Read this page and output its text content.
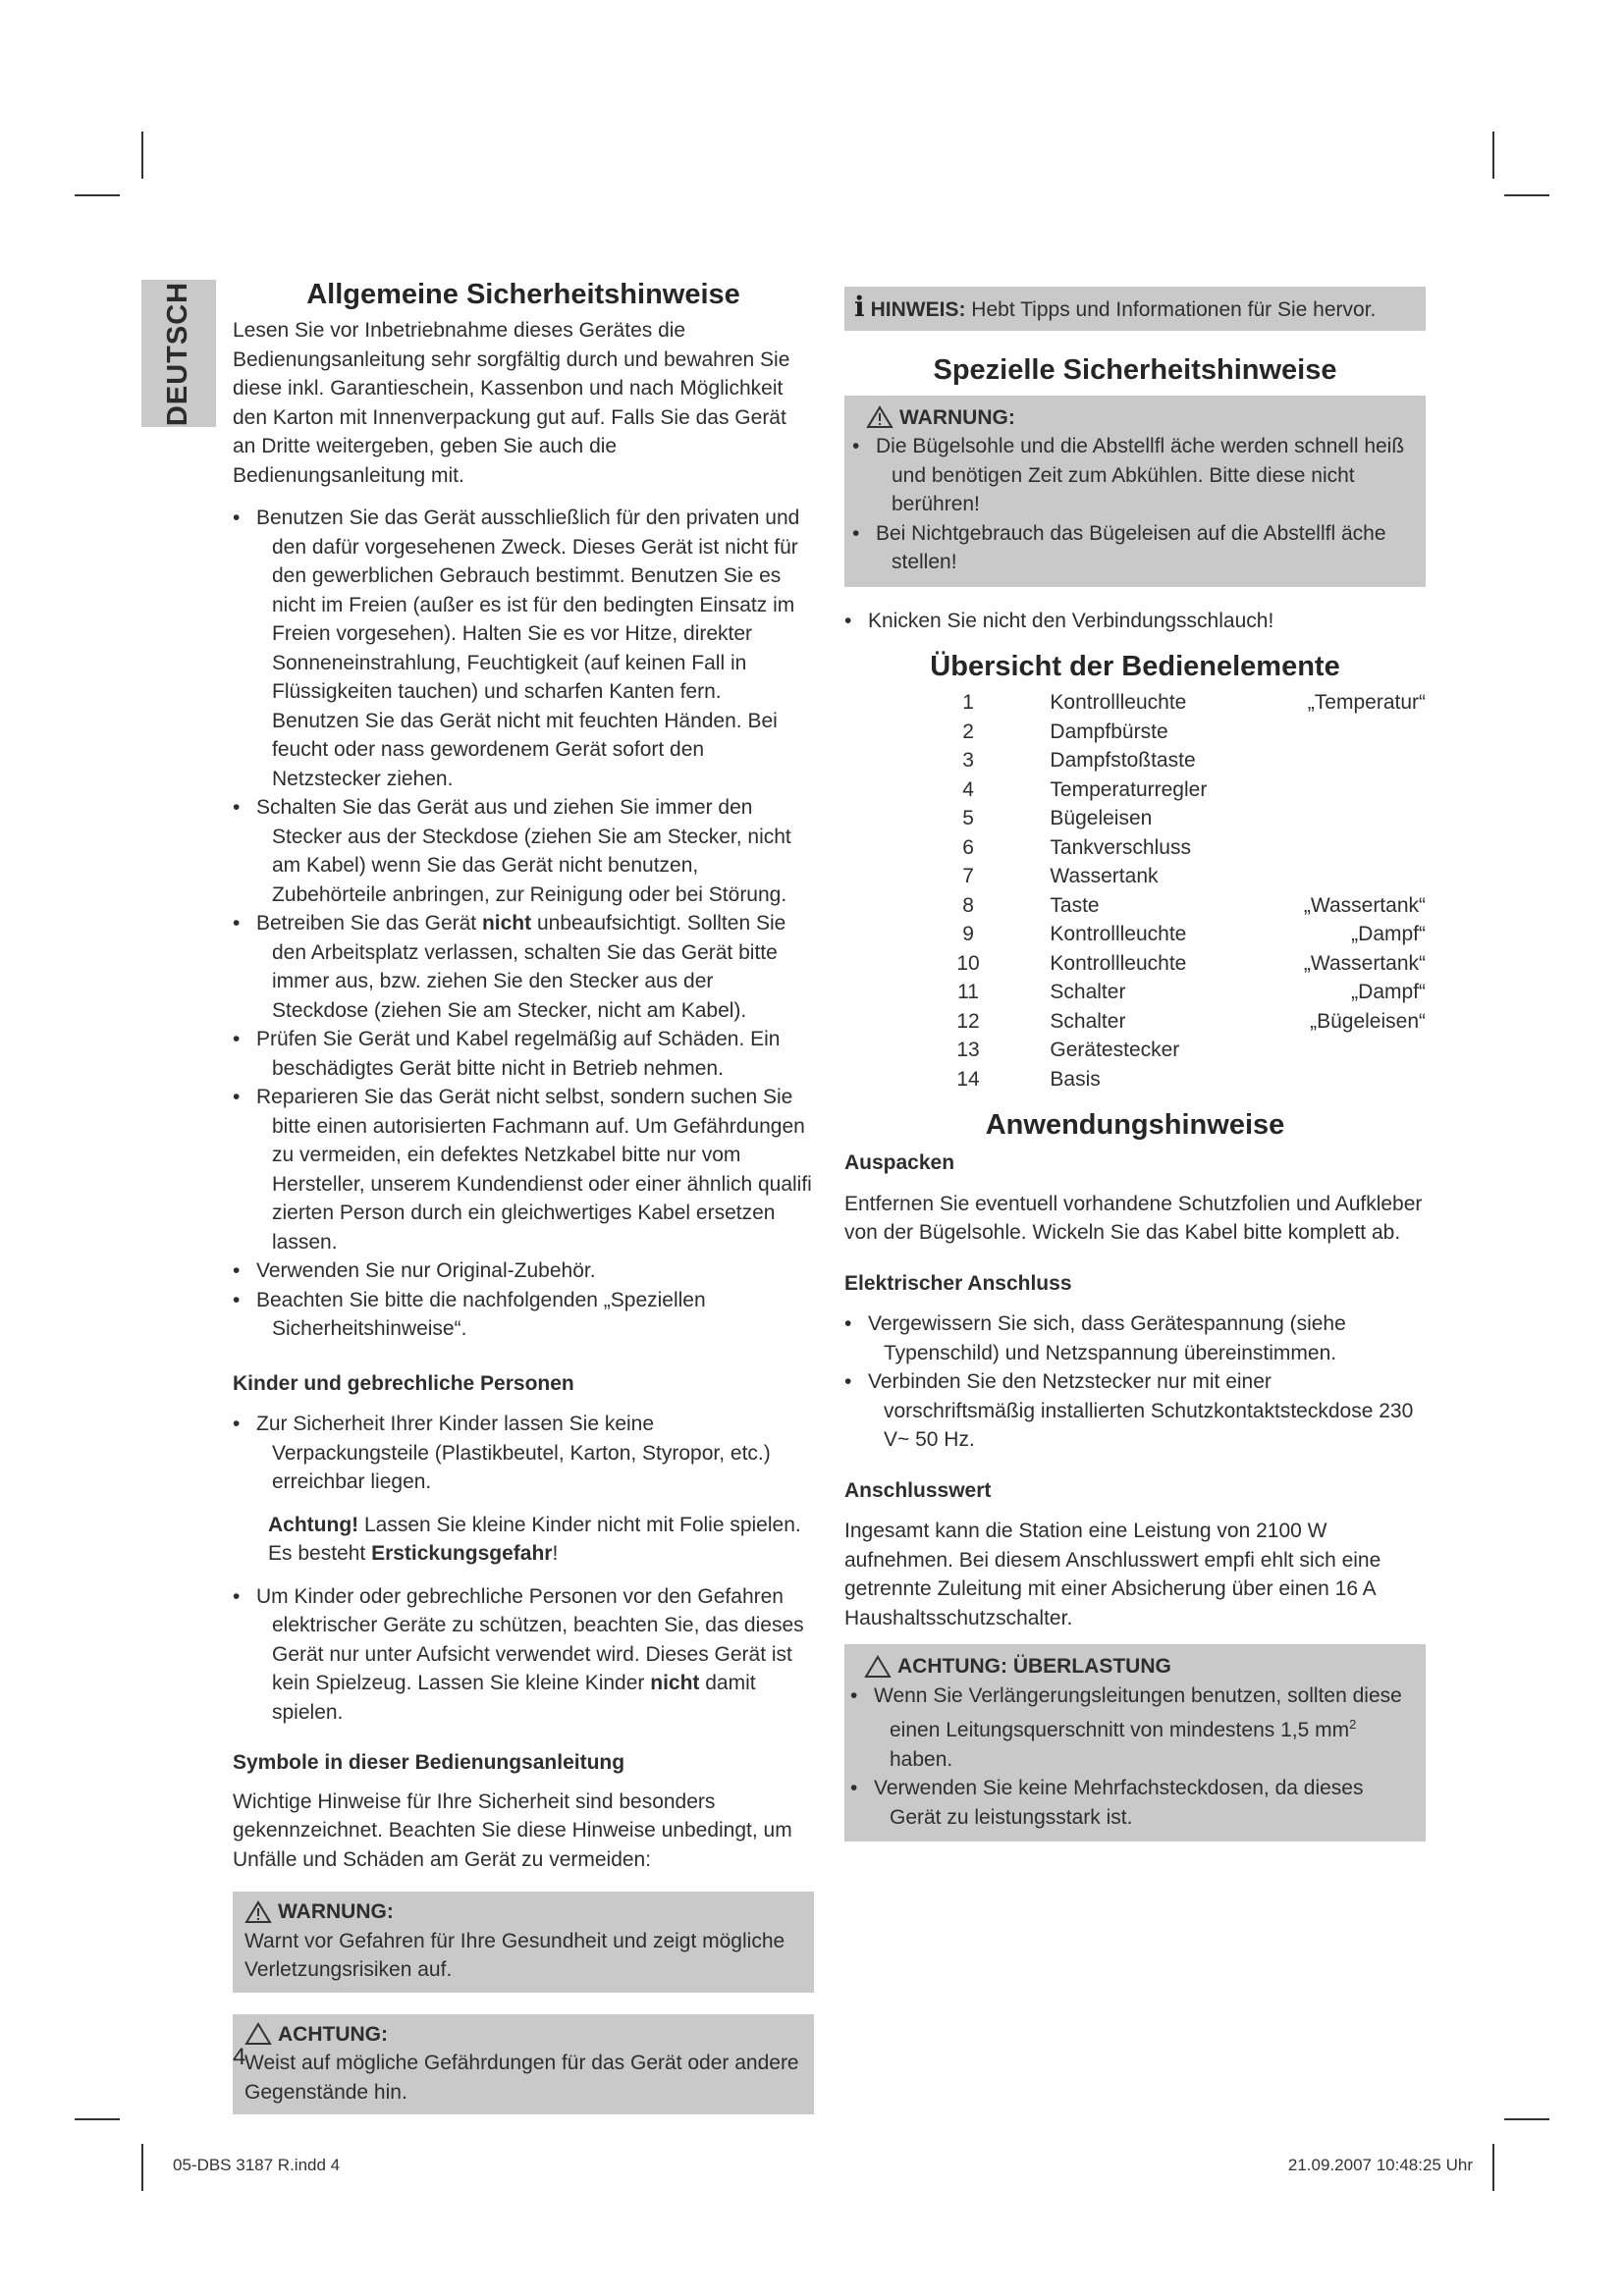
DEUTSCH	Allgemeine Sicherheitshinweise

Lesen Sie vor Inbetriebnahme dieses Gerätes die Bedienungsanleitung sehr sorgfältig durch und bewahren Sie diese inkl. Garantieschein, Kassenbon und nach Möglichkeit den Karton mit Innenverpackung gut auf. Falls Sie das Gerät an Dritte weitergeben, geben Sie auch die Bedienungsanleitung mit.

• Benutzen Sie das Gerät ausschließlich für den privaten und den dafür vorgesehenen Zweck. Dieses Gerät ist nicht für den gewerblichen Gebrauch bestimmt. Benutzen Sie es nicht im Freien (außer es ist für den bedingten Einsatz im Freien vorgesehen). Halten Sie es vor Hitze, direkter Sonneneinstrahlung, Feuchtigkeit (auf keinen Fall in Flüssigkeiten tauchen) und scharfen Kanten fern. Benutzen Sie das Gerät nicht mit feuchten Händen. Bei feucht oder nass gewordenem Gerät sofort den Netzstecker ziehen.
• Schalten Sie das Gerät aus und ziehen Sie immer den Stecker aus der Steckdose (ziehen Sie am Stecker, nicht am Kabel) wenn Sie das Gerät nicht benutzen, Zubehörteile anbringen, zur Reinigung oder bei Störung.
• Betreiben Sie das Gerät nicht unbeaufsichtigt. Sollten Sie den Arbeitsplatz verlassen, schalten Sie das Gerät bitte immer aus, bzw. ziehen Sie den Stecker aus der Steckdose (ziehen Sie am Stecker, nicht am Kabel).
• Prüfen Sie Gerät und Kabel regelmäßig auf Schäden. Ein beschädigtes Gerät bitte nicht in Betrieb nehmen.
• Reparieren Sie das Gerät nicht selbst, sondern suchen Sie bitte einen autorisierten Fachmann auf. Um Gefährdungen zu vermeiden, ein defektes Netzkabel bitte nur vom Hersteller, unserem Kundendienst oder einer ähnlich qualifi zierten Person durch ein gleichwertiges Kabel ersetzen lassen.
• Verwenden Sie nur Original-Zubehör.
• Beachten Sie bitte die nachfolgenden „Speziellen Sicherheitshinweise“.

Kinder und gebrechliche Personen

• Zur Sicherheit Ihrer Kinder lassen Sie keine Verpackungsteile (Plastikbeutel, Karton, Styropor, etc.) erreichbar liegen.

Achtung! Lassen Sie kleine Kinder nicht mit Folie spielen. Es besteht Erstickungsgefahr!

• Um Kinder oder gebrechliche Personen vor den Gefahren elektrischer Geräte zu schützen, beachten Sie, das dieses Gerät nur unter Aufsicht verwendet wird. Dieses Gerät ist kein Spielzeug. Lassen Sie kleine Kinder nicht damit spielen.

Symbole in dieser Bedienungsanleitung

Wichtige Hinweise für Ihre Sicherheit sind besonders gekennzeichnet. Beachten Sie diese Hinweise unbedingt, um Unfälle und Schäden am Gerät zu vermeiden:

WARNUNG:

Warnt vor Gefahren für Ihre Gesundheit und zeigt mögliche Verletzungsrisiken auf.

ACHTUNG:

Weist auf mögliche Gefährdungen für das Gerät oder andere Gegenstände hin.

i HINWEIS: Hebt Tipps und Informationen für Sie hervor.
Spezielle Sicherheitshinweise
WARNUNG:
• Die Bügelsohle und die Abstellfl äche werden schnell heiß und benötigen Zeit zum Abkühlen. Bitte diese nicht berühren!
• Bei Nichtgebrauch das Bügeleisen auf die Abstellfl äche stellen!
• Knicken Sie nicht den Verbindungsschlauch!
Übersicht der Bedienelemente
1		Kontrollleuchte	„Temperatur“
2		Dampfbürste	
3		Dampfstoßtaste	
4		Temperaturregler	
5		Bügeleisen	
6		Tankverschluss	
7		Wassertank	
8		Taste	„Wassertank“
9		Kontrollleuchte	„Dampf“
10		Kontrollleuchte	„Wassertank“
11		Schalter	„Dampf“
12		Schalter	„Bügeleisen“
13		Gerätestecker	
14		Basis	
Anwendungshinweise

Auspacken

Entfernen Sie eventuell vorhandene Schutzfolien und Aufkleber von der Bügelsohle. Wickeln Sie das Kabel bitte komplett ab.

Elektrischer Anschluss

• Vergewissern Sie sich, dass Gerätespannung (siehe Typenschild) und Netzspannung übereinstimmen.
• Verbinden Sie den Netzstecker nur mit einer vorschriftsmäßig installierten Schutzkontaktsteckdose 230 V~ 50 Hz.

Anschlusswert

Ingesamt kann die Station eine Leistung von 2100 W aufnehmen. Bei diesem Anschlusswert empfi ehlt sich eine getrennte Zuleitung mit einer Absicherung über einen 16 A Haushaltsschutzschalter.

ACHTUNG: ÜBERLASTUNG
• Wenn Sie Verlängerungsleitungen benutzen, sollten diese einen Leitungsquerschnitt von mindestens 1,5 $mm^2$ haben.
• Verwenden Sie keine Mehrfachsteckdosen, da dieses Gerät zu leistungsstark ist.
4
05-DBS 3187 R.indd 4	21.09.2007 10:48:25 Uhr
